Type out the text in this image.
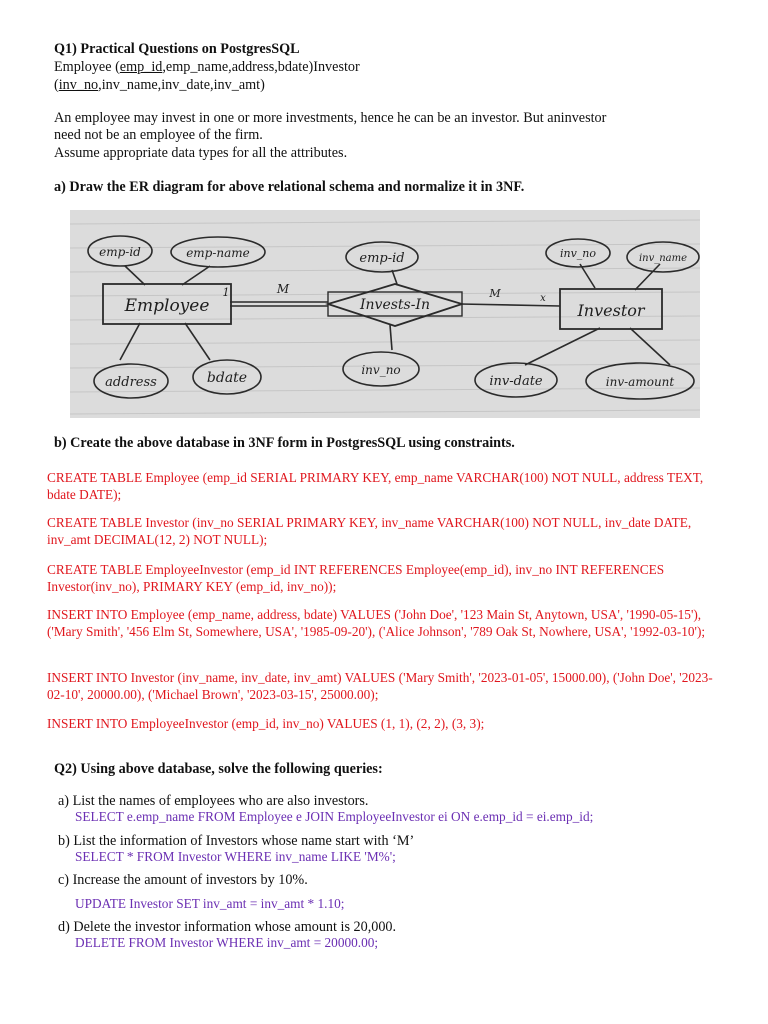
Q1) Practical Questions on PostgresSQL
Employee (emp_id,emp_name,address,bdate)Investor
(inv_no,inv_name,inv_date,inv_amt)
An employee may invest in one or more investments, hence he can be an investor. But aninvestor
need not be an employee of the firm.
Assume appropriate data types for all the attributes.
a) Draw the ER diagram for above relational schema and normalize it in 3NF.
emp-id	emp-name
Employee
address	bdate
emp-id
Invests-In
inv_no
inv_no	inv_name
Investor
inv-date	inv-amount
1	M	M	x
b) Create the above database in 3NF form in PostgresSQL using constraints.
CREATE TABLE Employee (emp_id SERIAL PRIMARY KEY, emp_name VARCHAR(100) NOT NULL, address TEXT, bdate DATE);
CREATE TABLE Investor (inv_no SERIAL PRIMARY KEY, inv_name VARCHAR(100) NOT NULL, inv_date DATE, inv_amt DECIMAL(12, 2) NOT NULL);
CREATE TABLE EmployeeInvestor (emp_id INT REFERENCES Employee(emp_id), inv_no INT REFERENCES Investor(inv_no), PRIMARY KEY (emp_id, inv_no));
INSERT INTO Employee (emp_name, address, bdate) VALUES ('John Doe', '123 Main St, Anytown, USA', '1990-05-15'), ('Mary Smith', '456 Elm St, Somewhere, USA', '1985-09-20'), ('Alice Johnson', '789 Oak St, Nowhere, USA', '1992-03-10');
INSERT INTO Investor (inv_name, inv_date, inv_amt) VALUES ('Mary Smith', '2023-01-05', 15000.00), ('John Doe', '2023-02-10', 20000.00), ('Michael Brown', '2023-03-15', 25000.00);
INSERT INTO EmployeeInvestor (emp_id, inv_no) VALUES (1, 1), (2, 2), (3, 3);
Q2) Using above database, solve the following queries:
a) List the names of employees who are also investors.
SELECT e.emp_name FROM Employee e JOIN EmployeeInvestor ei ON e.emp_id = ei.emp_id;
b) List the information of Investors whose name start with ‘M’
SELECT * FROM Investor WHERE inv_name LIKE 'M%';
c) Increase the amount of investors by 10%.
UPDATE Investor SET inv_amt = inv_amt * 1.10;
d) Delete the investor information whose amount is 20,000.
DELETE FROM Investor WHERE inv_amt = 20000.00;
